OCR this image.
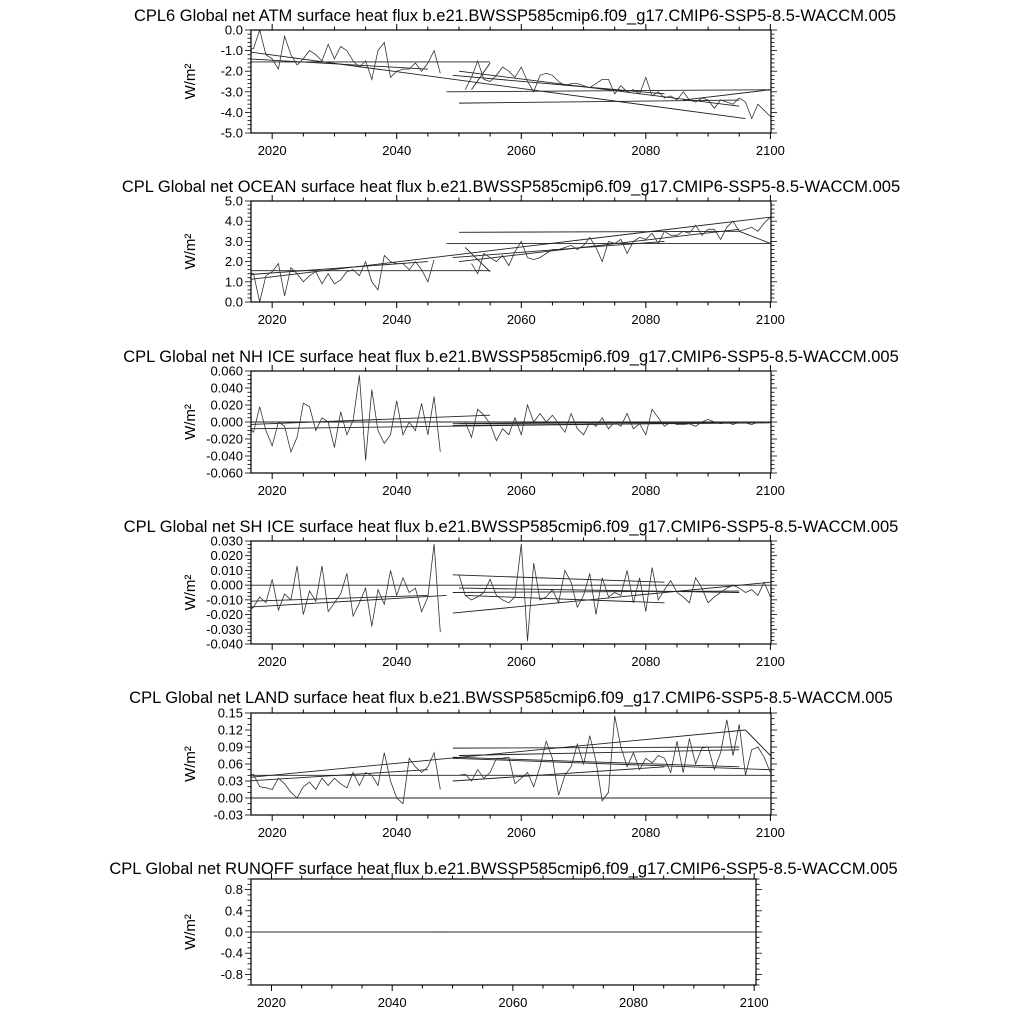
CPL6 Global net ATM surface heat flux b.e21.BWSSP585cmip6.f09_g17.CMIP6-SSP5-8.5-WACCM.005
W/m²
2020	2040	2060	2080	2100
-5.0
-4.0
-3.0
-2.0
-1.0
0.0
CPL Global net OCEAN surface heat flux b.e21.BWSSP585cmip6.f09_g17.CMIP6-SSP5-8.5-WACCM.005
W/m²
2020	2040	2060	2080	2100
0.0
1.0
2.0
3.0
4.0
5.0
CPL Global net NH ICE surface heat flux b.e21.BWSSP585cmip6.f09_g17.CMIP6-SSP5-8.5-WACCM.005
W/m²
2020	2040	2060	2080	2100
-0.060
-0.040
-0.020
0.000
0.020
0.040
0.060
CPL Global net SH ICE surface heat flux b.e21.BWSSP585cmip6.f09_g17.CMIP6-SSP5-8.5-WACCM.005
W/m²
2020	2040	2060	2080	2100
-0.040
-0.030
-0.020
-0.010
0.000
0.010
0.020
0.030
CPL Global net LAND surface heat flux b.e21.BWSSP585cmip6.f09_g17.CMIP6-SSP5-8.5-WACCM.005
W/m²
2020	2040	2060	2080	2100
-0.03
0.00
0.03
0.06
0.09
0.12
0.15
CPL Global net RUNOFF surface heat flux b.e21.BWSSP585cmip6.f09_g17.CMIP6-SSP5-8.5-WACCM.005
W/m²
2020	2040	2060	2080	2100
-0.8
-0.4
0.0
0.4
0.8
